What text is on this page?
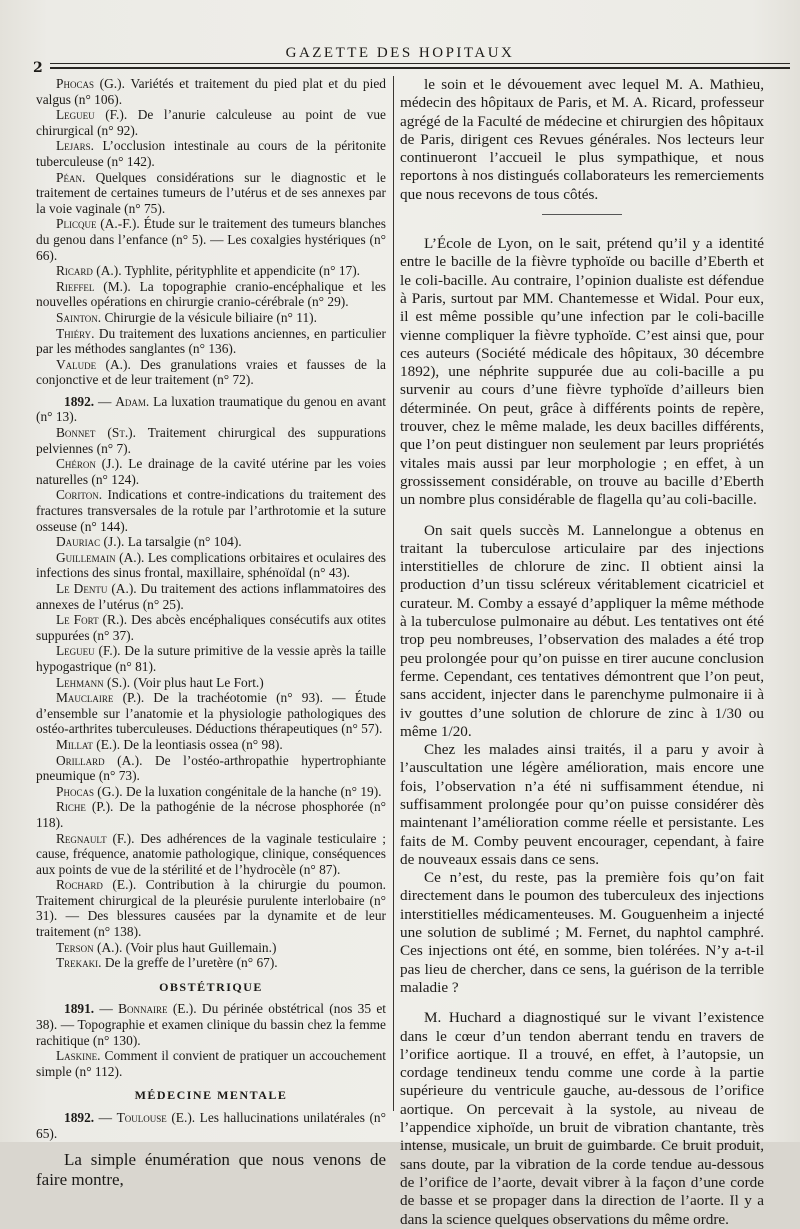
GAZETTE DES HOPITAUX
2

Phocas (G.). Variétés et traitement du pied plat et du pied valgus (n° 106).

Legueu (F.). De l’anurie calculeuse au point de vue chirurgical (n° 92).

Lejars. L’occlusion intestinale au cours de la péritonite tuberculeuse (n° 142).

Péan. Quelques considérations sur le diagnostic et le traitement de certaines tumeurs de l’utérus et de ses annexes par la voie vaginale (n° 75).

Plicque (A.-F.). Étude sur le traitement des tumeurs blanches du genou dans l’enfance (n° 5). — Les coxalgies hystériques (n° 66).

Ricard (A.). Typhlite, pérityphlite et appendicite (n° 17).

Rieffel (M.). La topographie cranio-encéphalique et les nouvelles opérations en chirurgie cranio-cérébrale (n° 29).

Sainton. Chirurgie de la vésicule biliaire (n° 11).

Thiéry. Du traitement des luxations anciennes, en particulier par les méthodes sanglantes (n° 136).

Valude (A.). Des granulations vraies et fausses de la conjonctive et de leur traitement (n° 72).

1892. — Adam. La luxation traumatique du genou en avant (n° 13).

Bonnet (St.). Traitement chirurgical des suppurations pelviennes (n° 7).

Chéron (J.). Le drainage de la cavité utérine par les voies naturelles (n° 124).

Coriton. Indications et contre-indications du traitement des fractures transversales de la rotule par l’arthrotomie et la suture osseuse (n° 144).

Dauriac (J.). La tarsalgie (n° 104).

Guillemain (A.). Les complications orbitaires et oculaires des infections des sinus frontal, maxillaire, sphénoïdal (n° 43).

Le Dentu (A.). Du traitement des actions inflammatoires des annexes de l’utérus (n° 25).

Le Fort (R.). Des abcès encéphaliques consécutifs aux otites suppurées (n° 37).

Legueu (F.). De la suture primitive de la vessie après la taille hypogastrique (n° 81).

Lehmann (S.). (Voir plus haut Le Fort.)

Mauclaire (P.). De la trachéotomie (n° 93). — Étude d’ensemble sur l’anatomie et la physiologie pathologiques des ostéo-arthrites tuberculeuses. Déductions thérapeutiques (n° 57).

Millat (E.). De la leontiasis ossea (n° 98).

Orillard (A.). De l’ostéo-arthropathie hypertrophiante pneumique (n° 73).

Phocas (G.). De la luxation congénitale de la hanche (n° 19).

Riche (P.). De la pathogénie de la nécrose phosphorée (n° 118).

Regnault (F.). Des adhérences de la vaginale testiculaire ; cause, fréquence, anatomie pathologique, clinique, conséquences aux points de vue de la stérilité et de l’hydrocèle (n° 87).

Rochard (E.). Contribution à la chirurgie du poumon. Traitement chirurgical de la pleurésie purulente interlobaire (n° 31). — Des blessures causées par la dynamite et de leur traitement (n° 138).

Terson (A.). (Voir plus haut Guillemain.)

Trekaki. De la greffe de l’uretère (n° 67).

OBSTÉTRIQUE

1891. — Bonnaire (E.). Du périnée obstétrical (nos 35 et 38). — Topographie et examen clinique du bassin chez la femme rachitique (n° 130).

Laskine. Comment il convient de pratiquer un accouchement simple (n° 112).

MÉDECINE MENTALE

1892. — Toulouse (E.). Les hallucinations unilatérales (n° 65).

La simple énumération que nous venons de faire montre,

le soin et le dévouement avec lequel M. A. Mathieu, médecin des hôpitaux de Paris, et M. A. Ricard, professeur agrégé de la Faculté de médecine et chirurgien des hôpitaux de Paris, dirigent ces Revues générales. Nos lecteurs leur continueront l’accueil le plus sympathique, et nous reportons à nos distingués collaborateurs les remerciements que nous recevons de tous côtés.

L’École de Lyon, on le sait, prétend qu’il y a identité entre le bacille de la fièvre typhoïde ou bacille d’Eberth et le coli-bacille. Au contraire, l’opinion dualiste est défendue à Paris, surtout par MM. Chantemesse et Widal. Pour eux, il est même possible qu’une infection par le coli-bacille vienne compliquer la fièvre typhoïde. C’est ainsi que, pour ces auteurs (Société médicale des hôpitaux, 30 décembre 1892), une néphrite suppurée due au coli-bacille a pu survenir au cours d’une fièvre typhoïde d’ailleurs bien déterminée. On peut, grâce à différents points de repère, trouver, chez le même malade, les deux bacilles différents, que l’on peut distinguer non seulement par leurs propriétés vitales mais aussi par leur morphologie ; en effet, à un grossissement considérable, on trouve au bacille d’Eberth un nombre plus considérable de flagella qu’au coli-bacille.

On sait quels succès M. Lannelongue a obtenus en traitant la tuberculose articulaire par des injections interstitielles de chlorure de zinc. Il obtient ainsi la production d’un tissu scléreux véritablement cicatriciel et curateur. M. Comby a essayé d’appliquer la même méthode à la tuberculose pulmonaire au début. Les tentatives ont été trop peu nombreuses, l’observation des malades a été trop peu prolongée pour qu’on puisse en tirer aucune conclusion ferme. Cependant, ces tentatives démontrent que l’on peut, sans accident, injecter dans le parenchyme pulmonaire ii à iv gouttes d’une solution de chlorure de zinc à 1/30 ou même 1/20.

Chez les malades ainsi traités, il a paru y avoir à l’auscultation une légère amélioration, mais encore une fois, l’observation n’a été ni suffisamment étendue, ni suffisamment prolongée pour qu’on puisse considérer dès maintenant l’amélioration comme réelle et persistante. Les faits de M. Comby peuvent encourager, cependant, à faire de nouveaux essais dans ce sens.

Ce n’est, du reste, pas la première fois qu’on fait directement dans le poumon des tuberculeux des injections interstitielles médicamenteuses. M. Gouguenheim a injecté une solution de sublimé ; M. Fernet, du naphtol camphré. Ces injections ont été, en somme, bien tolérées. N’y a-t-il pas lieu de chercher, dans ce sens, la guérison de la terrible maladie ?

M. Huchard a diagnostiqué sur le vivant l’existence dans le cœur d’un tendon aberrant tendu en travers de l’orifice aortique. Il a trouvé, en effet, à l’autopsie, un cordage tendineux tendu comme une corde à la partie supérieure du ventricule gauche, au-dessous de l’orifice aortique. On percevait à la systole, au niveau de l’appendice xiphoïde, un bruit de vibration chantante, très intense, musicale, un bruit de guimbarde. Ce bruit produit, sans doute, par la vibration de la corde tendue au-dessous de l’orifice de l’aorte, devait vibrer à la façon d’une corde de basse et se propager dans la direction de l’aorte. Il y a dans la science quelques observations du même ordre.
